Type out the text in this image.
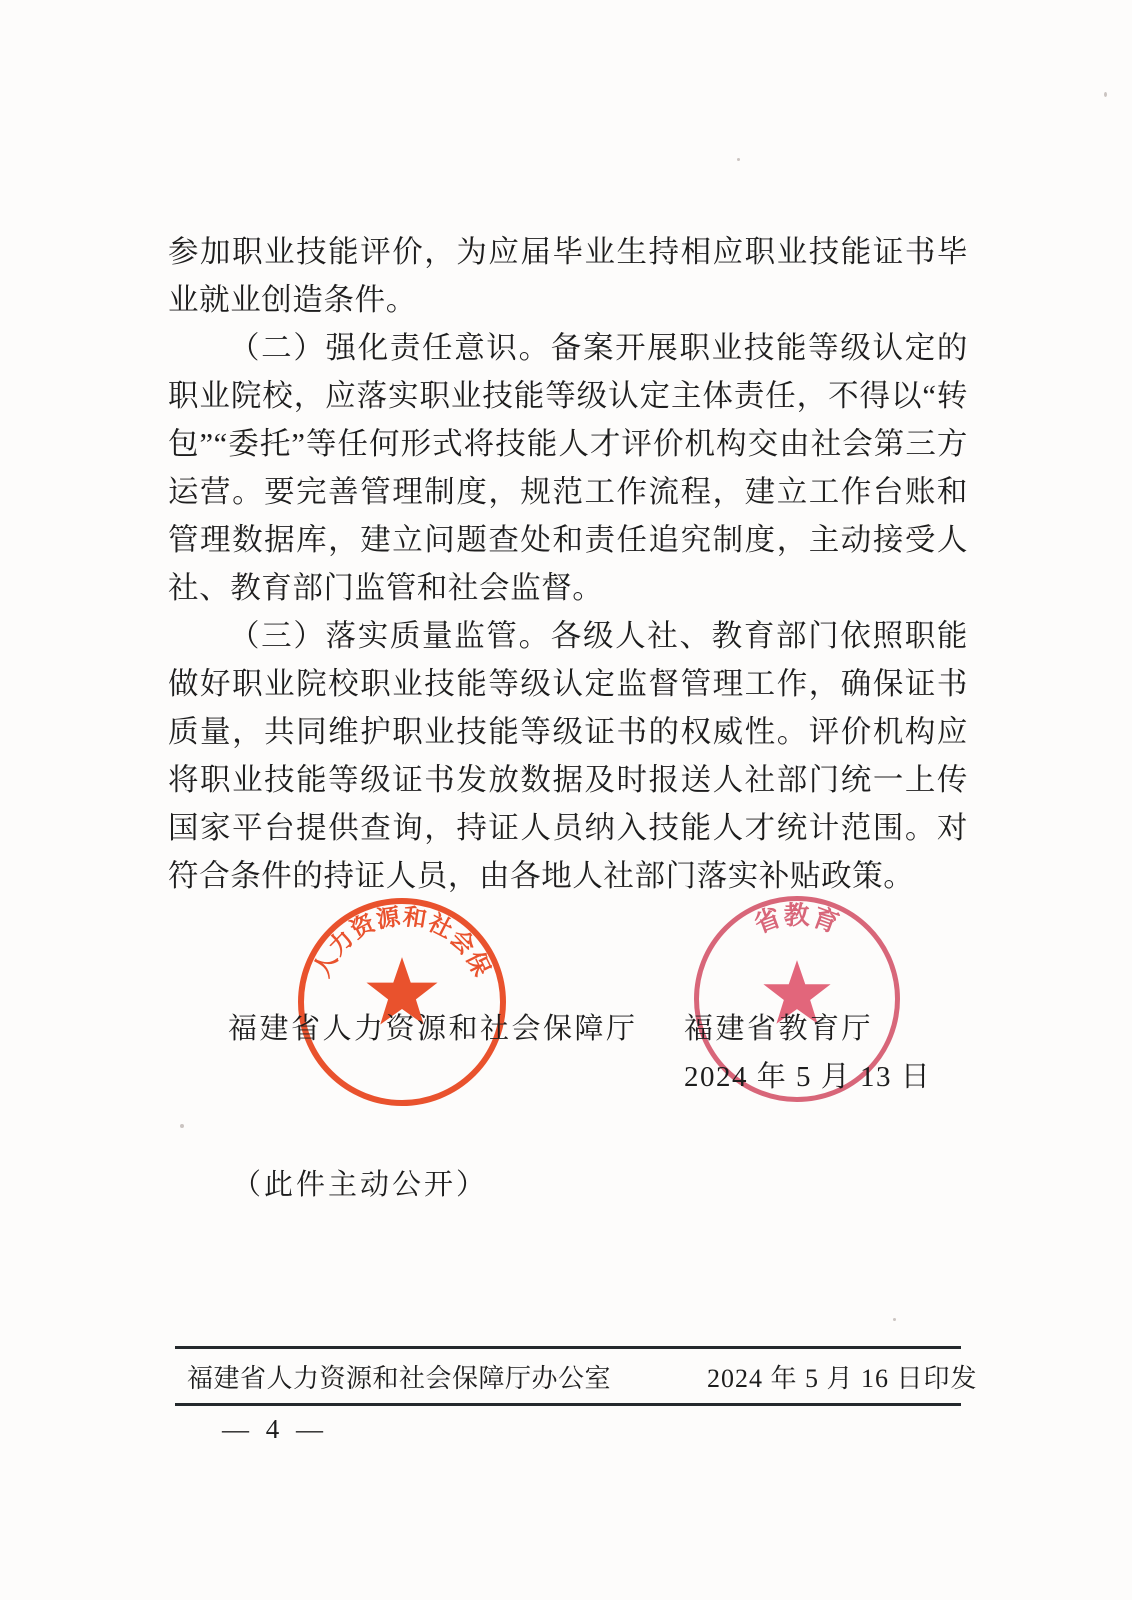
参加职业技能评价，为应届毕业生持相应职业技能证书毕业就业创造条件。

（二）强化责任意识。备案开展职业技能等级认定的职业院校，应落实职业技能等级认定主体责任，不得以“转包”“委托”等任何形式将技能人才评价机构交由社会第三方运营。要完善管理制度，规范工作流程，建立工作台账和管理数据库，建立问题查处和责任追究制度，主动接受人社、教育部门监管和社会监督。

（三）落实质量监管。各级人社、教育部门依照职能做好职业院校职业技能等级认定监督管理工作，确保证书质量，共同维护职业技能等级证书的权威性。评价机构应将职业技能等级证书发放数据及时报送人社部门统一上传国家平台提供查询，持证人员纳入技能人才统计范围。对符合条件的持证人员，由各地人社部门落实补贴政策。

人力资源和社会保
省教育
福建省人力资源和社会保障厅 福建省教育厅
2024 年 5 月 13 日
（此件主动公开）
福建省人力资源和社会保障厅办公室	2024 年 5 月 16 日印发
— 4 —
